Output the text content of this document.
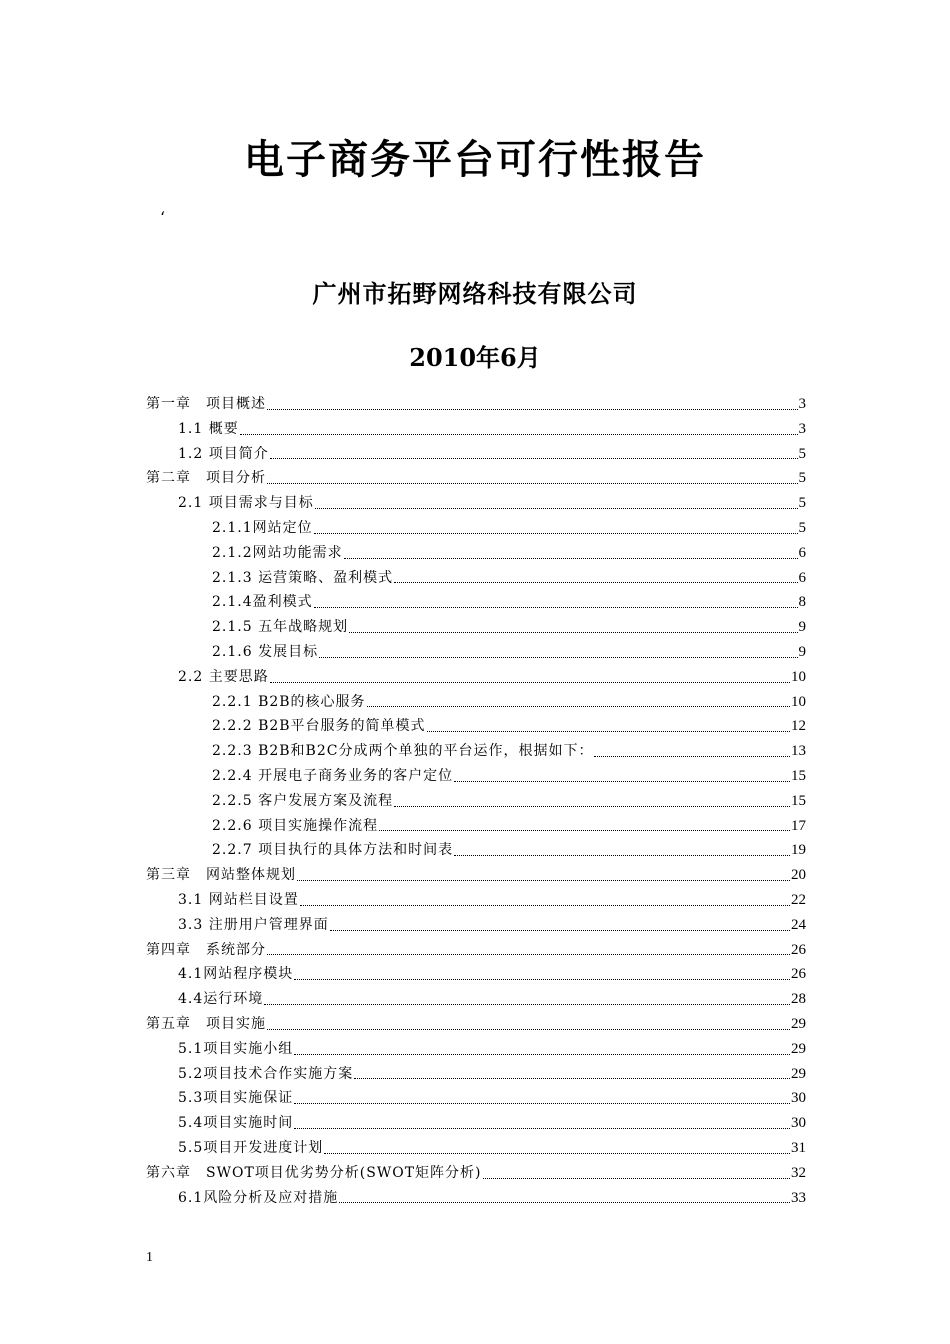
电子商务平台可行性报告
‘
广州市拓野网络科技有限公司
2010年6月
第一章　项目概述	3
1.1 概要	3
1.2 项目简介	5
第二章　项目分析	5
2.1 项目需求与目标	5
2.1.1网站定位	5
2.1.2网站功能需求	6
2.1.3 运营策略、盈利模式	6
2.1.4盈利模式	8
2.1.5 五年战略规划	9
2.1.6 发展目标	9
2.2 主要思路	10
2.2.1 B2B的核心服务	10
2.2.2 B2B平台服务的简单模式	12
2.2.3 B2B和B2C分成两个单独的平台运作，根据如下：	13
2.2.4 开展电子商务业务的客户定位	15
2.2.5 客户发展方案及流程	15
2.2.6 项目实施操作流程	17
2.2.7 项目执行的具体方法和时间表	19
第三章　网站整体规划	20
3.1 网站栏目设置	22
3.3 注册用户管理界面	24
第四章　系统部分	26
4.1网站程序模块	26
4.4运行环境	28
第五章　项目实施	29
5.1项目实施小组	29
5.2项目技术合作实施方案	29
5.3项目实施保证	30
5.4项目实施时间	30
5.5项目开发进度计划	31
第六章　SWOT项目优劣势分析(SWOT矩阵分析)	32
6.1风险分析及应对措施	33
1
